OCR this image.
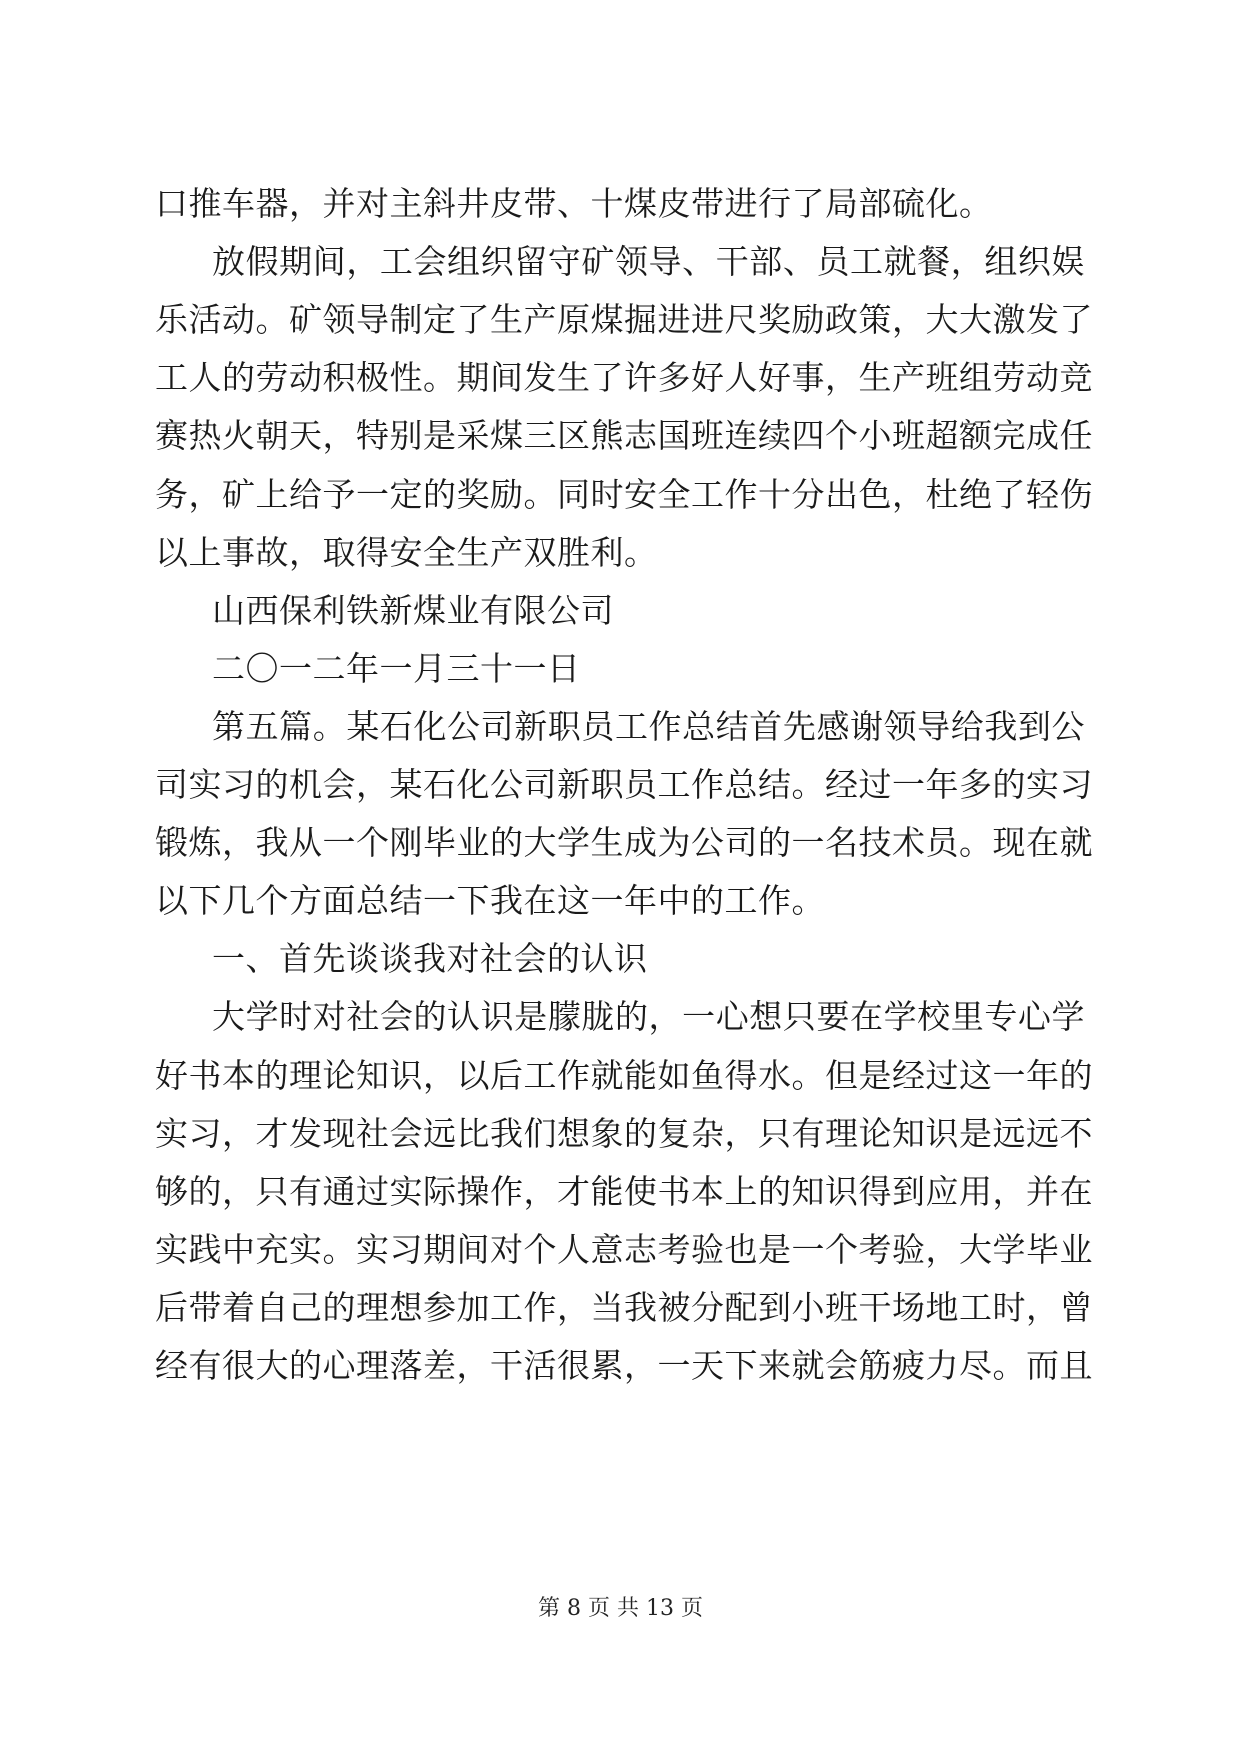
口推车器，并对主斜井皮带、十煤皮带进行了局部硫化。
放假期间，工会组织留守矿领导、干部、员工就餐，组织娱
乐活动。矿领导制定了生产原煤掘进进尺奖励政策，大大激发了
工人的劳动积极性。期间发生了许多好人好事，生产班组劳动竞
赛热火朝天，特别是采煤三区熊志国班连续四个小班超额完成任
务，矿上给予一定的奖励。同时安全工作十分出色，杜绝了轻伤
以上事故，取得安全生产双胜利。
山西保利铁新煤业有限公司
二〇一二年一月三十一日
第五篇。某石化公司新职员工作总结首先感谢领导给我到公
司实习的机会，某石化公司新职员工作总结。经过一年多的实习
锻炼，我从一个刚毕业的大学生成为公司的一名技术员。现在就
以下几个方面总结一下我在这一年中的工作。
一、首先谈谈我对社会的认识
大学时对社会的认识是朦胧的，一心想只要在学校里专心学
好书本的理论知识，以后工作就能如鱼得水。但是经过这一年的
实习，才发现社会远比我们想象的复杂，只有理论知识是远远不
够的，只有通过实际操作，才能使书本上的知识得到应用，并在
实践中充实。实习期间对个人意志考验也是一个考验，大学毕业
后带着自己的理想参加工作，当我被分配到小班干场地工时，曾
经有很大的心理落差，干活很累，一天下来就会筋疲力尽。而且
第 8 页 共 13 页
